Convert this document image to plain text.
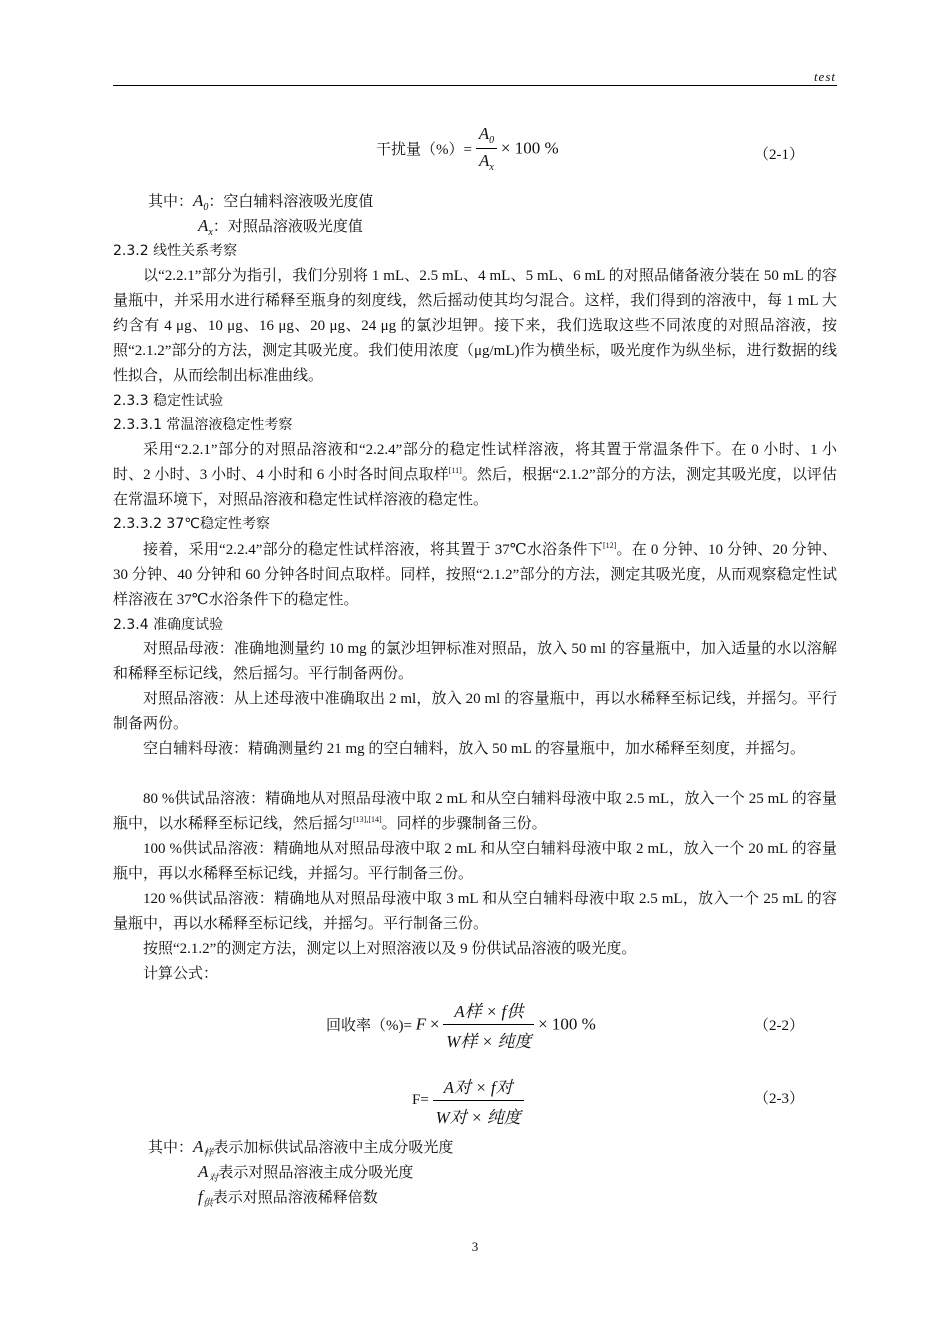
test
干扰量（%）= $\frac{A_0}{A_x} \times 100$ %	（2-1）
其中：$A_0$：空白辅料溶液吸光度值
$A_x$：对照品溶液吸光度值
2.3.2 线性关系考察
以“2.2.1”部分为指引，我们分别将 1 mL、2.5 mL、4 mL、5 mL、6 mL 的对照品储备液分装在 50 mL 的容量瓶中，并采用水进行稀释至瓶身的刻度线，然后摇动使其均匀混合。这样，我们得到的溶液中，每 1 mL 大约含有 4 μg、10 μg、16 μg、20 μg、24 μg 的氯沙坦钾。接下来，我们选取这些不同浓度的对照品溶液，按照“2.1.2”部分的方法，测定其吸光度。我们使用浓度（μg/mL)作为横坐标，吸光度作为纵坐标，进行数据的线性拟合，从而绘制出标准曲线。
2.3.3 稳定性试验
2.3.3.1 常温溶液稳定性考察
采用“2.2.1”部分的对照品溶液和“2.2.4”部分的稳定性试样溶液，将其置于常温条件下。在 0 小时、1 小时、2 小时、3 小时、4 小时和 6 小时各时间点取样[11]。然后，根据“2.1.2”部分的方法，测定其吸光度，以评估在常温环境下，对照品溶液和稳定性试样溶液的稳定性。
2.3.3.2 37℃稳定性考察
接着，采用“2.2.4”部分的稳定性试样溶液，将其置于 37℃水浴条件下[12]。在 0 分钟、10 分钟、20 分钟、30 分钟、40 分钟和 60 分钟各时间点取样。同样，按照“2.1.2”部分的方法，测定其吸光度，从而观察稳定性试样溶液在 37℃水浴条件下的稳定性。
2.3.4 准确度试验
对照品母液：准确地测量约 10 mg 的氯沙坦钾标准对照品，放入 50 ml 的容量瓶中，加入适量的水以溶解和稀释至标记线，然后摇匀。平行制备两份。
对照品溶液：从上述母液中准确取出 2 ml，放入 20 ml 的容量瓶中，再以水稀释至标记线，并摇匀。平行制备两份。
空白辅料母液：精确测量约 21 mg 的空白辅料，放入 50 mL 的容量瓶中，加水稀释至刻度，并摇匀。
80 %供试品溶液：精确地从对照品母液中取 2 mL 和从空白辅料母液中取 2.5 mL，放入一个 25 mL 的容量瓶中，以水稀释至标记线，然后摇匀[13],[14]。同样的步骤制备三份。
100 %供试品溶液：精确地从对照品母液中取 2 mL 和从空白辅料母液中取 2 mL，放入一个 20 mL 的容量瓶中，再以水稀释至标记线，并摇匀。平行制备三份。
120 %供试品溶液：精确地从对照品母液中取 3 mL 和从空白辅料母液中取 2.5 mL，放入一个 25 mL 的容量瓶中，再以水稀释至标记线，并摇匀。平行制备三份。
按照“2.1.2”的测定方法，测定以上对照溶液以及 9 份供试品溶液的吸光度。
计算公式：
回收率（%)= $F \times \frac{\text{A样 × f供}}{\text{W样 × 纯度}} \times 100$ %	（2-2）
$F= \frac{\text{A对 × f对}}{\text{W对 × 纯度}}$	（2-3）
其中：$A_样$表示加标供试品溶液中主成分吸光度
$A_对$表示对照品溶液主成分吸光度
$f_供$表示对照品溶液稀释倍数
3
